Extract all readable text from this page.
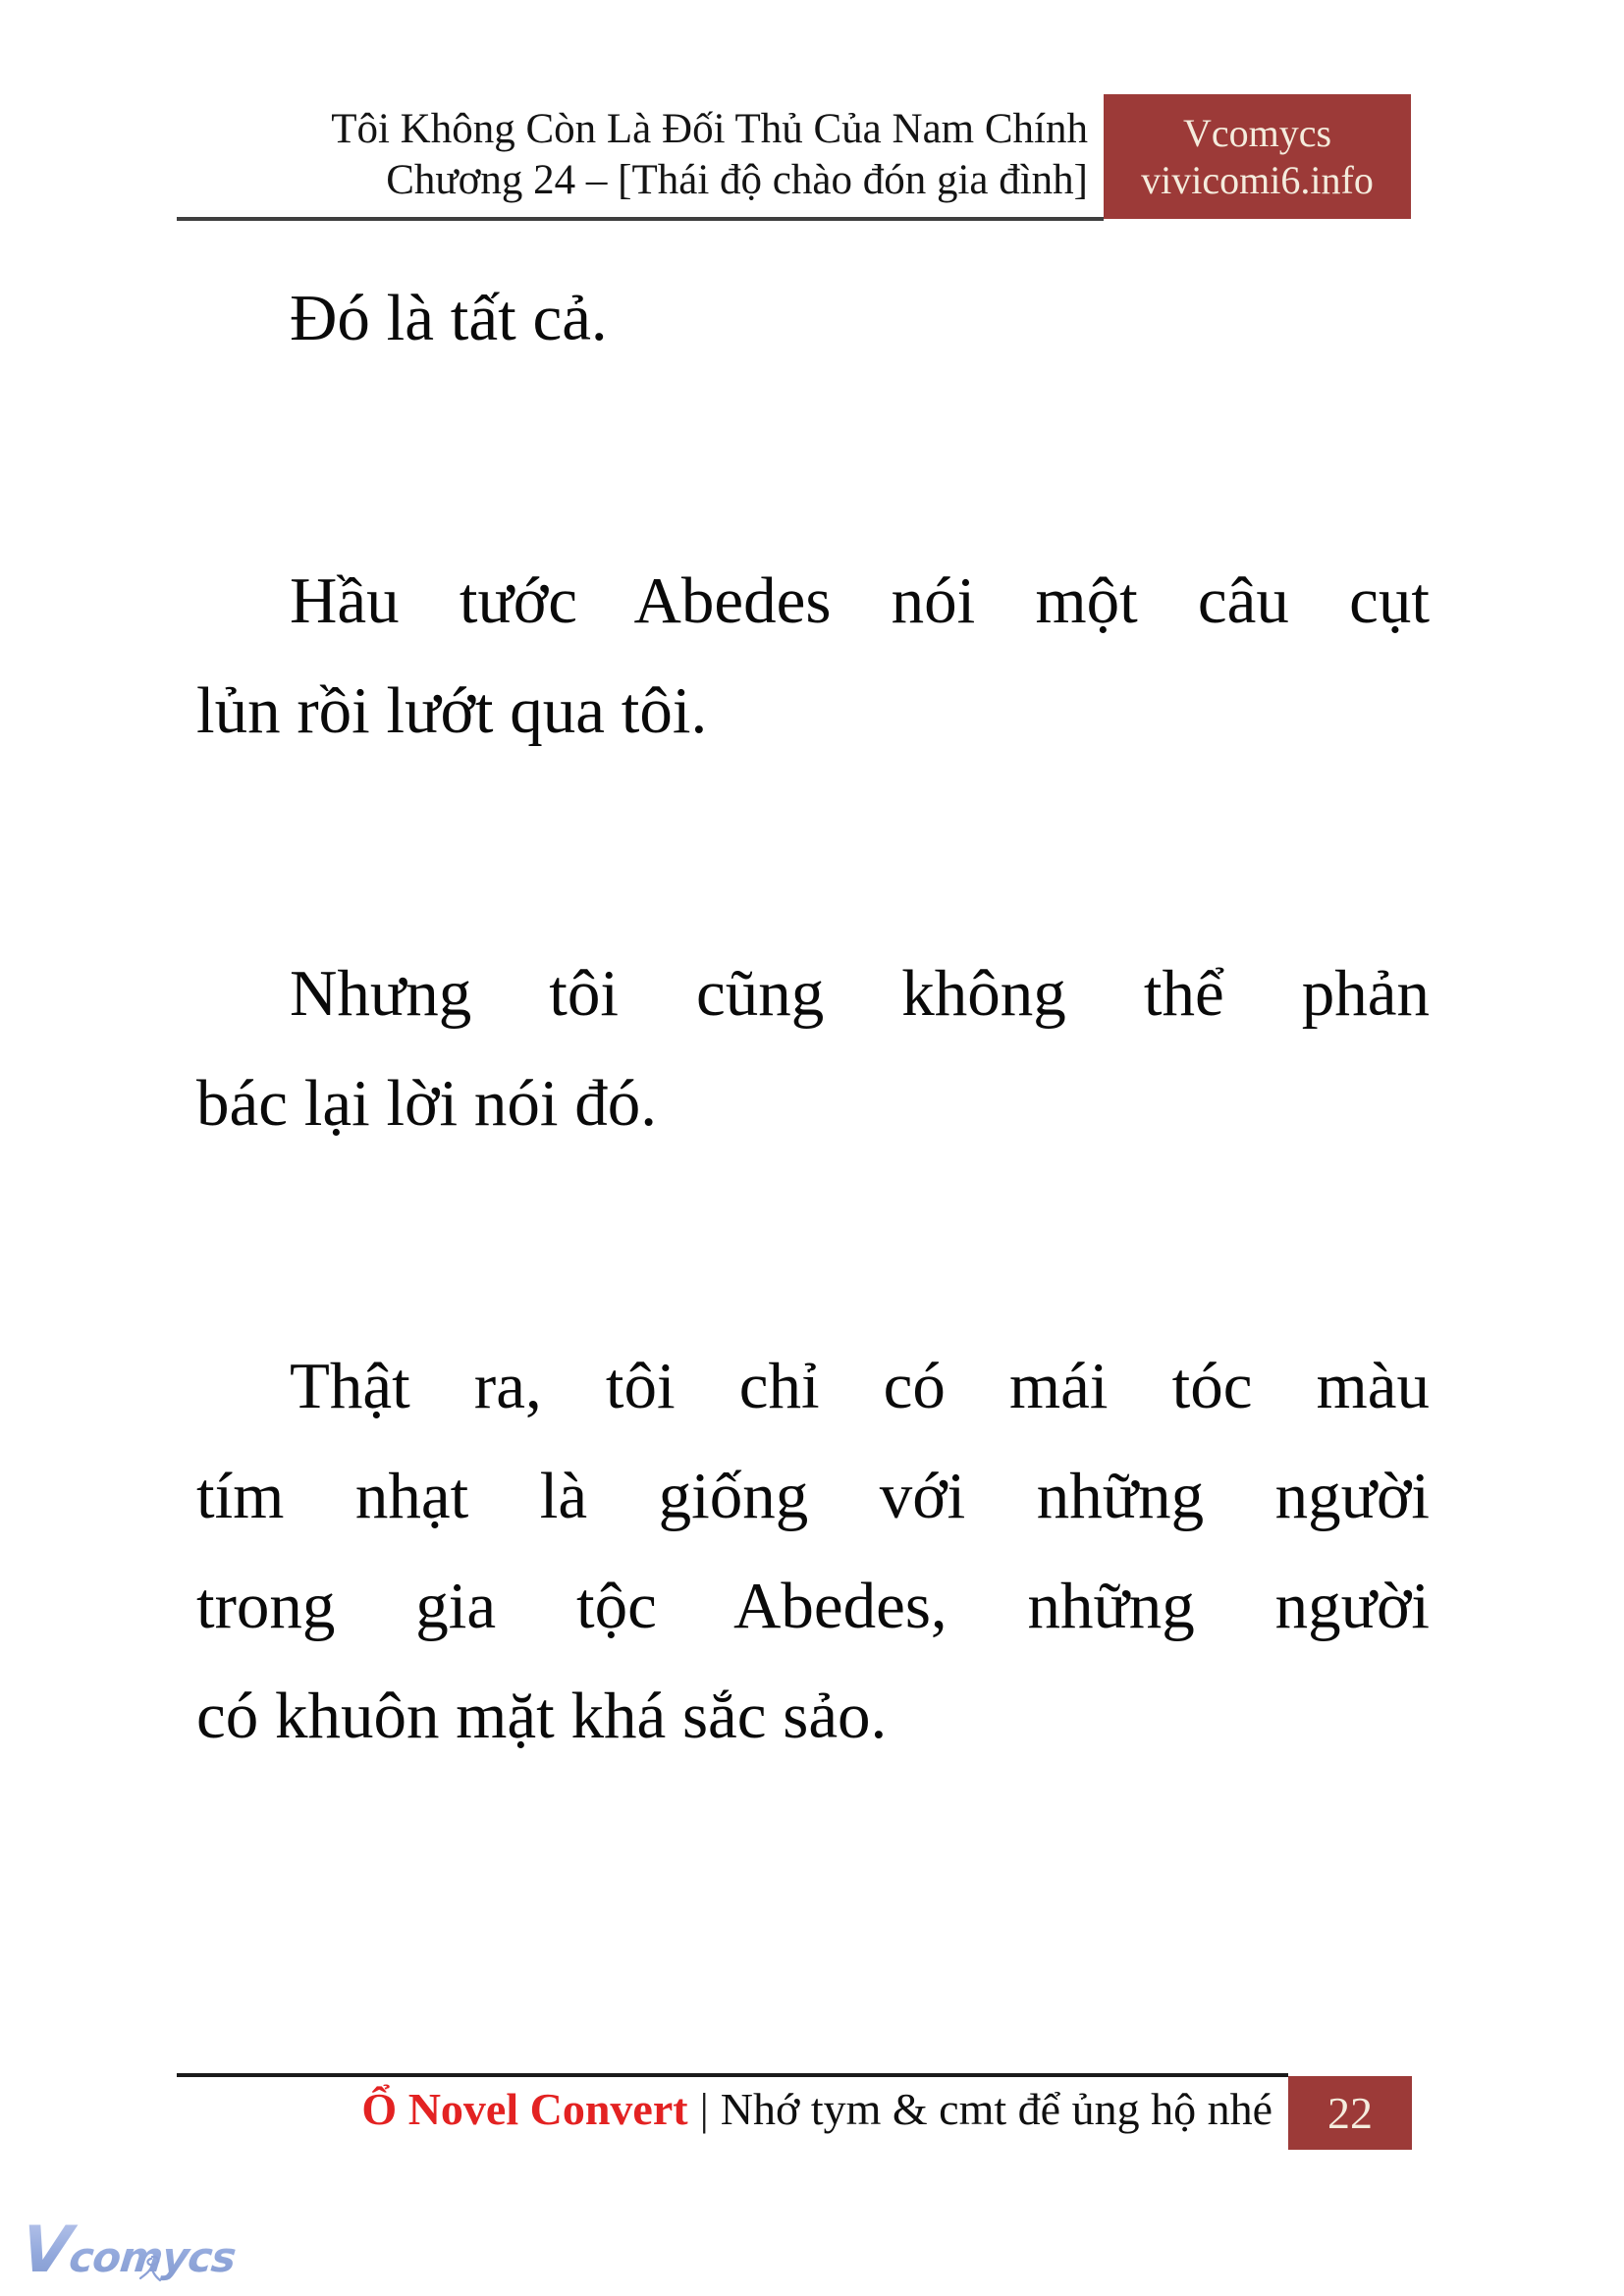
Tôi Không Còn Là Đối Thủ Của Nam Chính
Chương 24 – [Thái độ chào đón gia đình]
Vcomycs
vivicomi6.info
Đó là tất cả.
Hầu tước Abedes nói một câu cụt
lủn rồi lướt qua tôi.
Nhưng tôi cũng không thể phản
bác lại lời nói đó.
Thật ra, tôi chỉ có mái tóc màu
tím nhạt là giống với những người
trong gia tộc Abedes, những người
có khuôn mặt khá sắc sảo.
Ổ Novel Convert | Nhớ tym & cmt để ủng hộ nhé 22
Vcomycs
